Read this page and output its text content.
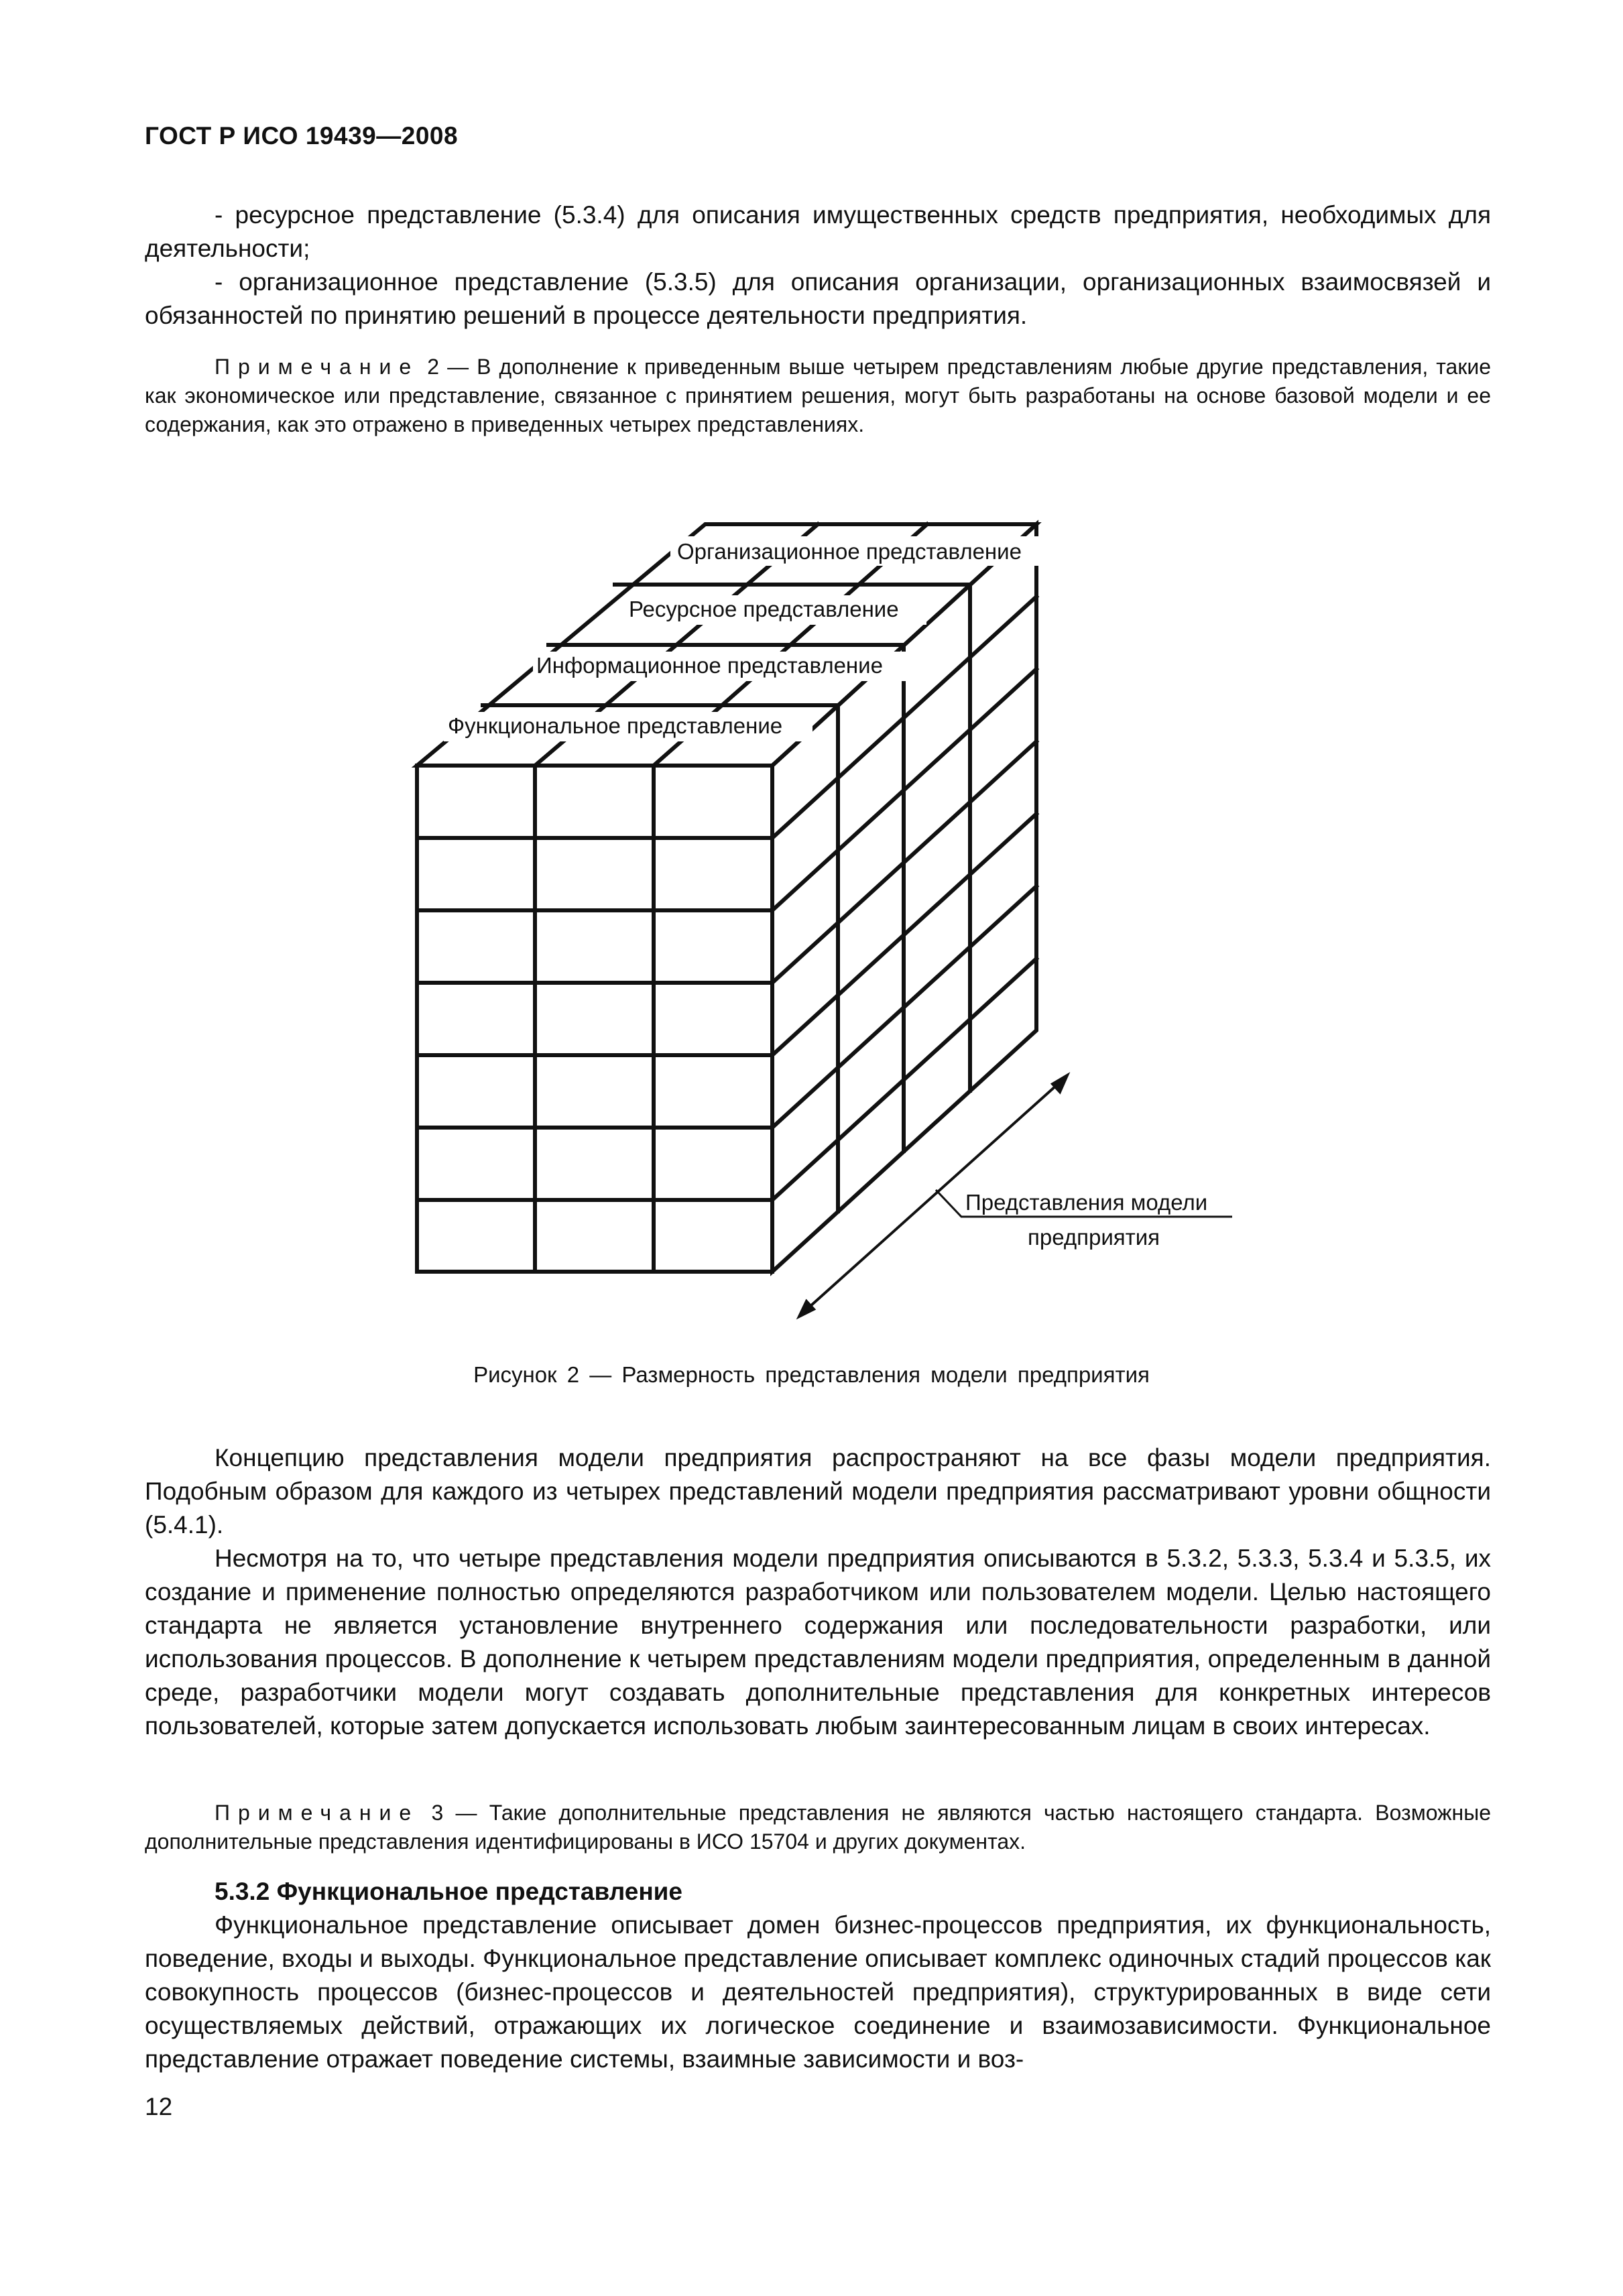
ГОСТ Р ИСО 19439—2008

- ресурсное представление (5.3.4) для описания имущественных средств предприятия, необходимых для деятельности;

- организационное представление (5.3.5) для описания организации, организационных взаимосвязей и обязанностей по принятию решений в процессе деятельности предприятия.

Примечание 2 — В дополнение к приведенным выше четырем представлениям любые другие представления, такие как экономическое или представление, связанное с принятием решения, могут быть разработаны на основе базовой модели и ее содержания, как это отражено в приведенных четырех представлениях.

Организационное представление
Ресурсное представление
Информационное представление
Функциональное представление
Представления модели
предприятия
Рисунок 2 — Размерность представления модели предприятия

Концепцию представления модели предприятия распространяют на все фазы модели предприятия. Подобным образом для каждого из четырех представлений модели предприятия рассматривают уровни общности (5.4.1).

Несмотря на то, что четыре представления модели предприятия описываются в 5.3.2, 5.3.3, 5.3.4 и 5.3.5, их создание и применение полностью определяются разработчиком или пользователем модели. Целью настоящего стандарта не является установление внутреннего содержания или последовательности разработки, или использования процессов. В дополнение к четырем представлениям модели предприятия, определенным в данной среде, разработчики модели могут создавать дополнительные представления для конкретных интересов пользователей, которые затем допускается использовать любым заинтересованным лицам в своих интересах.

Примечание 3 — Такие дополнительные представления не являются частью настоящего стандарта. Возможные дополнительные представления идентифицированы в ИСО 15704 и других документах.

5.3.2 Функциональное представление

Функциональное представление описывает домен бизнес-процессов предприятия, их функциональность, поведение, входы и выходы. Функциональное представление описывает комплекс одиночных стадий процессов как совокупность процессов (бизнес-процессов и деятельностей предприятия), структурированных в виде сети осуществляемых действий, отражающих их логическое соединение и взаимозависимости. Функциональное представление отражает поведение системы, взаимные зависимости и воз-

12
